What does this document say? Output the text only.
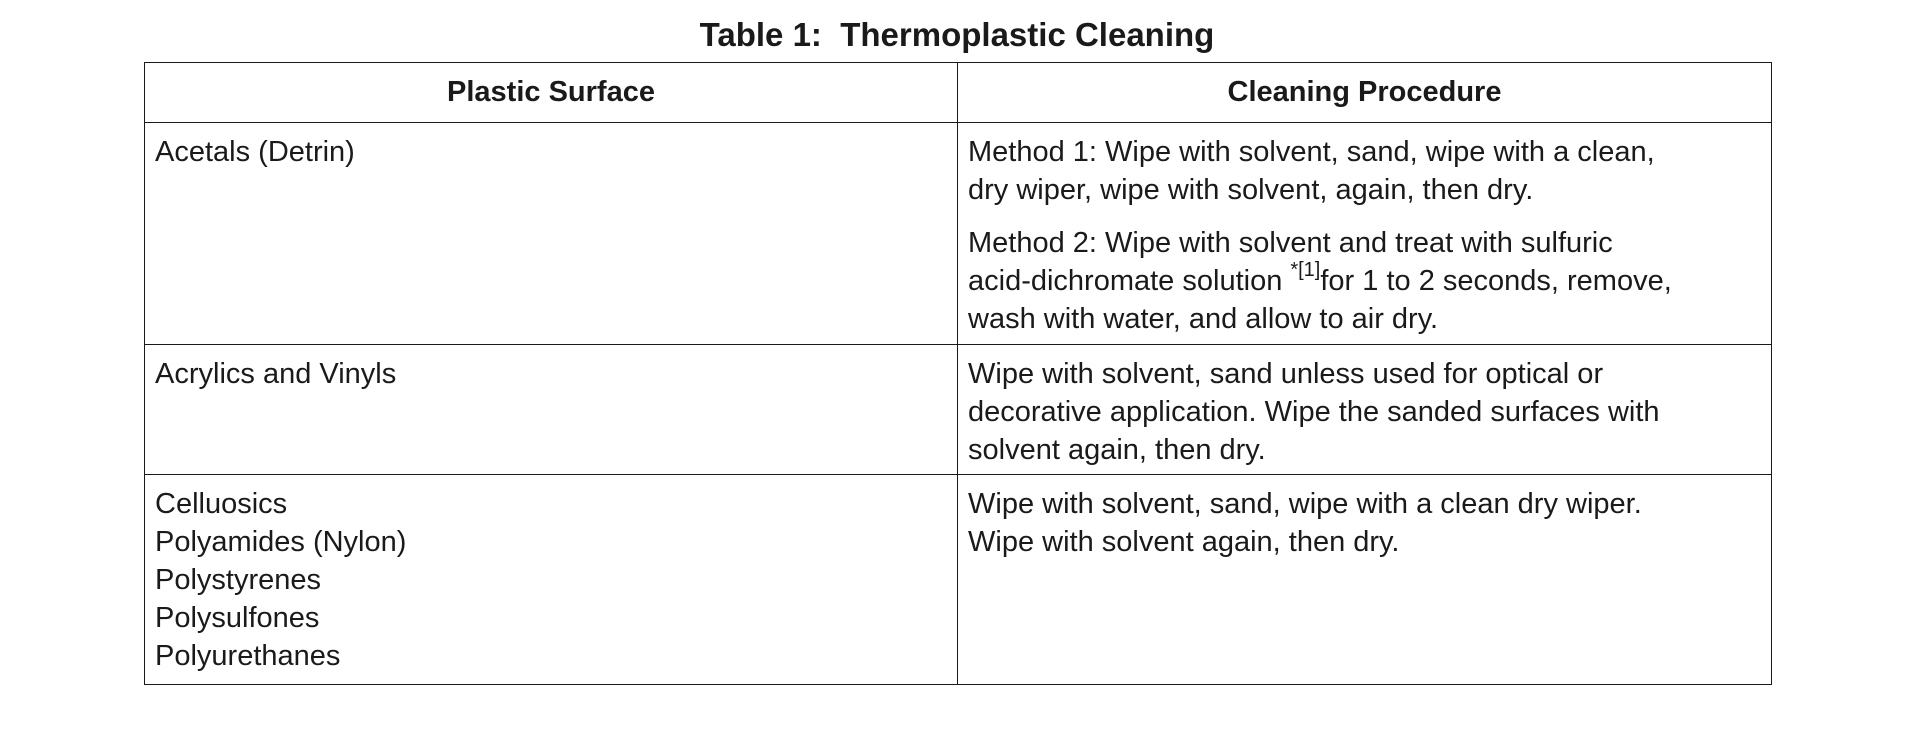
Table 1:  Thermoplastic Cleaning
Plastic Surface	Cleaning Procedure

Acetals (Detrin)	Method 1: Wipe with solvent, sand, wipe with a clean,
dry wiper, wipe with solvent, again, then dry.

Method 2: Wipe with solvent and treat with sulfuric
acid-dichromate solution $^{*[1]}$for 1 to 2 seconds, remove,
wash with water, and allow to air dry.

Acrylics and Vinyls	Wipe with solvent, sand unless used for optical or
decorative application. Wipe the sanded surfaces with
solvent again, then dry.

Celluosics
Polyamides (Nylon)
Polystyrenes
Polysulfones
Polyurethanes	Wipe with solvent, sand, wipe with a clean dry wiper.
Wipe with solvent again, then dry.
